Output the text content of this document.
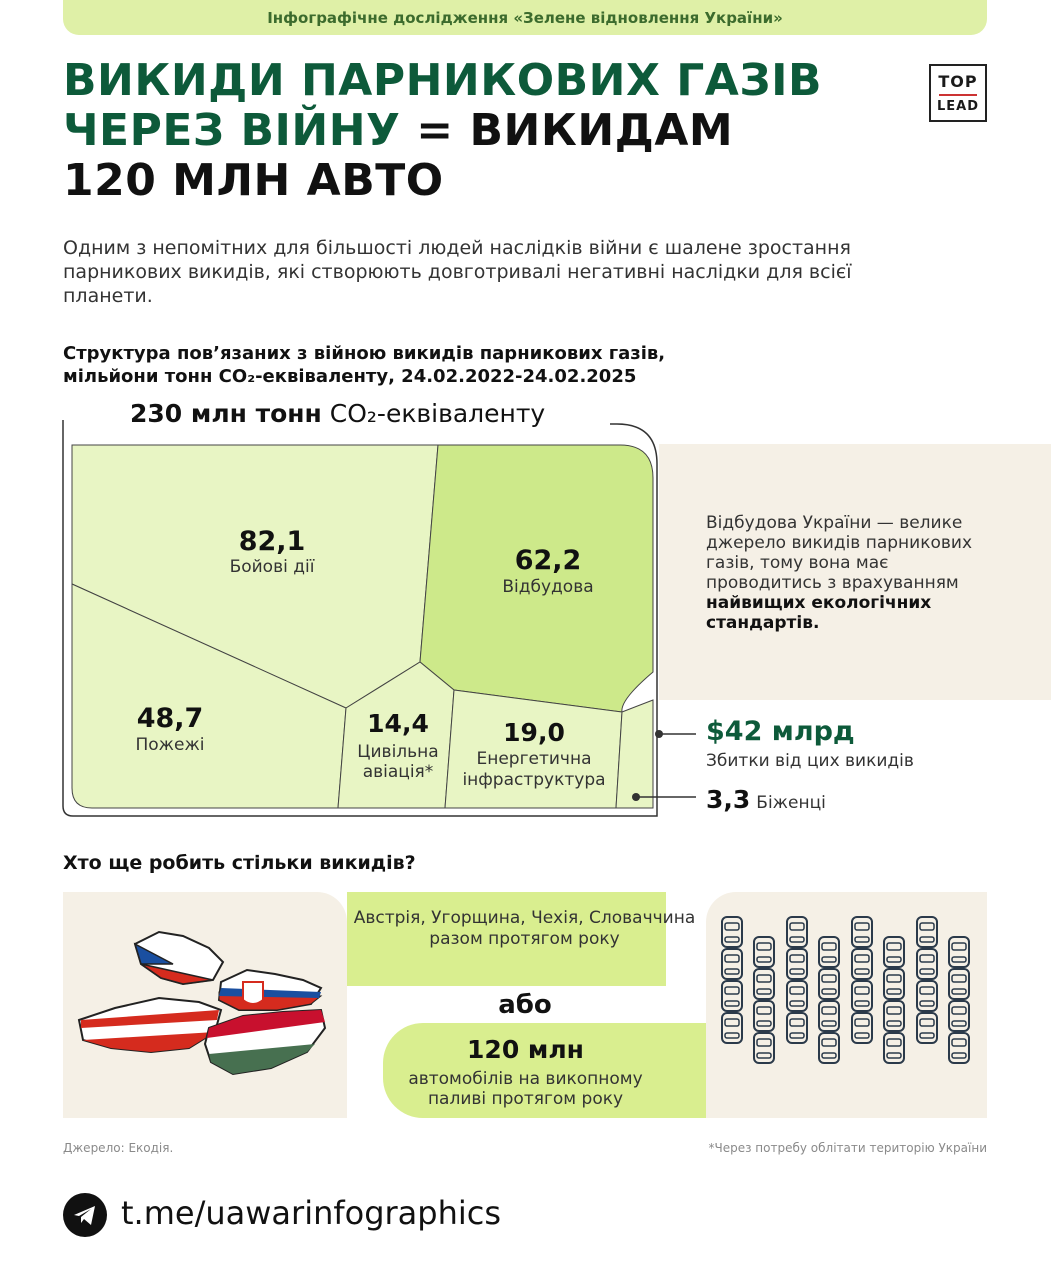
Інфографічне дослідження «Зелене відновлення України»
ВИКИДИ ПАРНИКОВИХ ГАЗІВ
ЧЕРЕЗ ВІЙНУ = ВИКИДАМ
120 МЛН АВТО
TOP
LEAD

Одним з непомітних для більшості людей наслідків війни є шалене зростання парникових викидів, які створюють довготривалі негативні наслідки для всієї планети.

Структура пов’язаних з війною викидів парникових газів,
мільйони тонн CO₂-еквіваленту, 24.02.2022-24.02.2025
82,1
Бойові дії	62,2
Відбудова
48,7
Пожежі
14,4
Цивільна
авіація*
19,0
Енергетична
інфраструктура
230 млн тонн CO₂-еквіваленту
Відбудова України — велике джерело викидів парникових газів, тому вона має проводитись з врахуванням найвищих екологічних стандартів.
$42 млрд
Збитки від цих викидів
3,3 Біженці
Хто ще робить стільки викидів?
Австрія, Угорщина, Чехія, Словаччина разом протягом року
або
120 млн
автомобілів на викопному паливі протягом року
Джерело: Екодія.	*Через потребу облітати територію України
t.me/uawarinfographics
